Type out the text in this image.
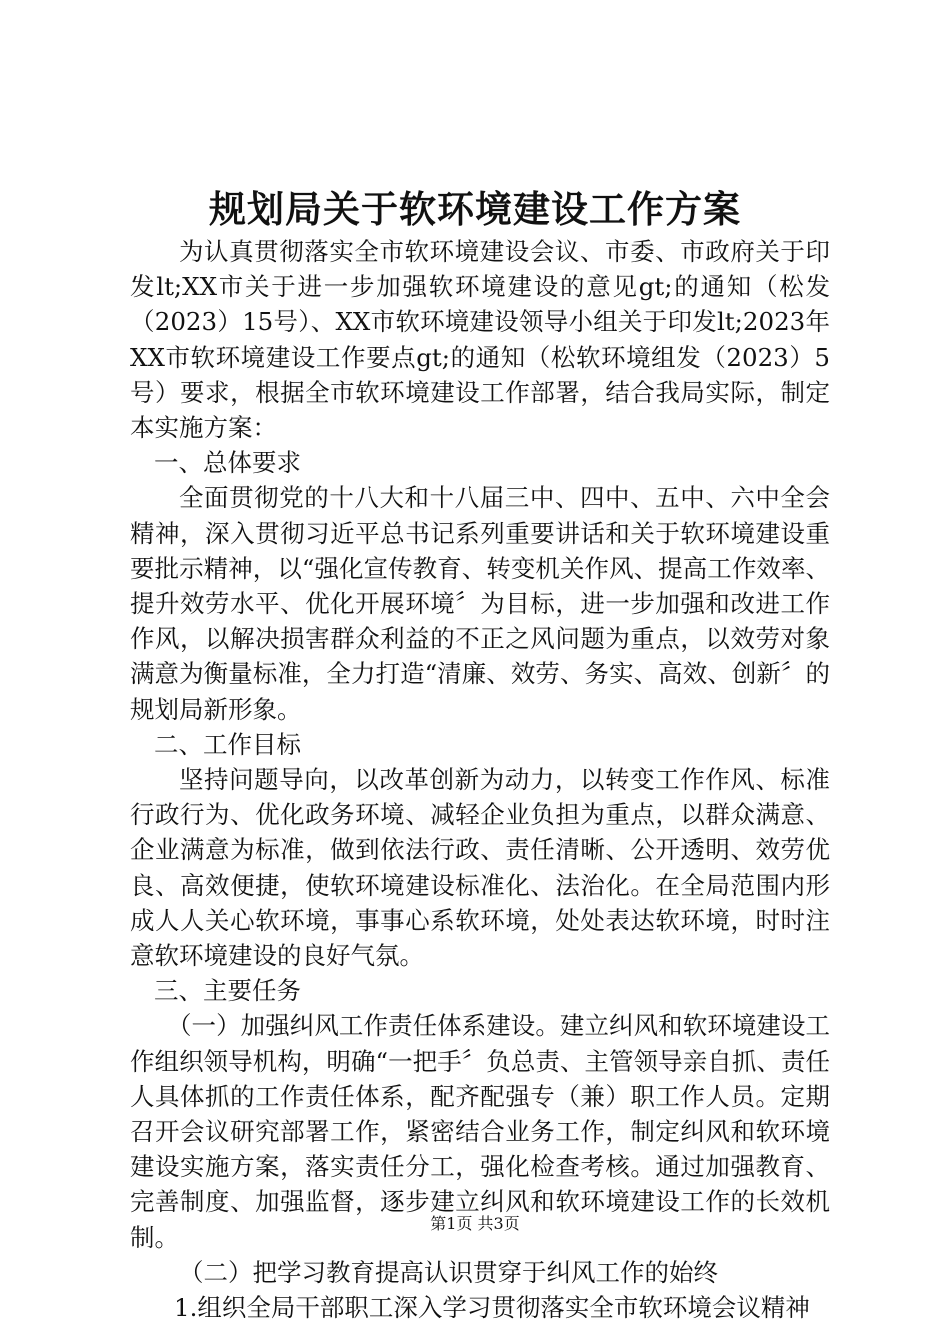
规划局关于软环境建设工作方案

为认真贯彻落实全市软环境建设会议、市委、市政府关于印发lt;XX市关于进一步加强软环境建设的意见gt;的通知（松发（2023）15号）、XX市软环境建设领导小组关于印发lt;2023年XX市软环境建设工作要点gt;的通知（松软环境组发（2023）5号）要求，根据全市软环境建设工作部署，结合我局实际，制定本实施方案：

一、总体要求

全面贯彻党的十八大和十八届三中、四中、五中、六中全会精神，深入贯彻习近平总书记系列重要讲话和关于软环境建设重要批示精神，以“强化宣传教育、转变机关作风、提高工作效率、提升效劳水平、优化开展环境〞为目标，进一步加强和改进工作作风，以解决损害群众利益的不正之风问题为重点，以效劳对象满意为衡量标准，全力打造“清廉、效劳、务实、高效、创新〞的规划局新形象。

二、工作目标

坚持问题导向，以改革创新为动力，以转变工作作风、标准行政行为、优化政务环境、减轻企业负担为重点，以群众满意、企业满意为标准，做到依法行政、责任清晰、公开透明、效劳优良、高效便捷，使软环境建设标准化、法治化。在全局范围内形成人人关心软环境，事事心系软环境，处处表达软环境，时时注意软环境建设的良好气氛。

三、主要任务

（一）加强纠风工作责任体系建设。建立纠风和软环境建设工作组织领导机构，明确“一把手〞负总责、主管领导亲自抓、责任人具体抓的工作责任体系，配齐配强专（兼）职工作人员。定期召开会议研究部署工作，紧密结合业务工作，制定纠风和软环境建设实施方案，落实责任分工，强化检查考核。通过加强教育、完善制度、加强监督，逐步建立纠风和软环境建设工作的长效机制。

（二）把学习教育提高认识贯穿于纠风工作的始终

1.组织全局干部职工深入学习贯彻落实全市软环境会议精神

第1页 共3页
